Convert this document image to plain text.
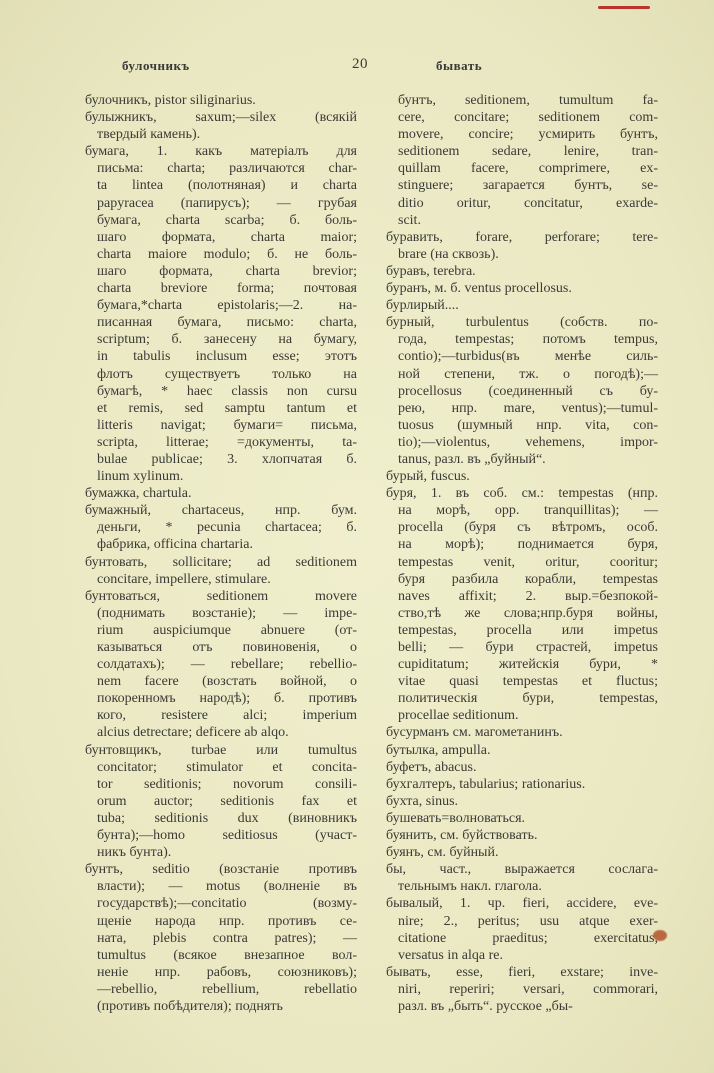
булочникъ	20	бывать
булочникъ, pistor siliginarius.
булыжникъ, saxum;—silex (всякій
твердый камень).
бумага, 1. какъ матеріалъ для
письма: charta; различаются char-
ta lintea (полотняная) и charta
papyracea (папирусъ); — грубая
бумага, charta scarba; б. боль-
шаго формата, charta maior;
charta maiore modulo; б. не боль-
шаго формата, charta brevior;
charta breviore forma; почтовая
бумага,*charta epistolaris;—2. на-
писанная бумага, письмо: charta,
scriptum; б. занесену на бумагу,
in tabulis inclusum esse; этотъ
флотъ существуетъ только на
бумагѣ, * haec classis non cursu
et remis, sed samptu tantum et
litteris navigat; бумаги= письма,
scripta, litterae; =документы, ta-
bulae publicae; 3. хлопчатая б.
linum xylinum.
бумажка, chartula.
бумажный, chartaceus, нпр. бум.
деньги, * pecunia chartacea; б.
фабрика, officina chartaria.
бунтовать, sollicitare; ad seditionem
concitare, impellere, stimulare.
бунтоваться, seditionem movere
(поднимать возстаніе); — impe-
rium auspiciumque abnuere (от-
казываться отъ повиновенія, о
солдатахъ); — rebellare; rebellio-
nem facere (возстать войной, о
покоренномъ народѣ); б. противъ
кого, resistere alci; imperium
alcius detrectare; deficere ab alqo.
бунтовщикъ, turbae или tumultus
concitator; stimulator et concita-
tor seditionis; novorum consili-
orum auctor; seditionis fax et
tuba; seditionis dux (виновникъ
бунта);—homo seditiosus (участ-
никъ бунта).
бунтъ, seditio (возстаніе противъ
власти); — motus (волненіе въ
государствѣ);—concitatio (возму-
щеніе народа нпр. противъ се-
ната, plebis contra patres); —
tumultus (всякое внезапное вол-
неніе нпр. рабовъ, союзниковъ);
—rebellio, rebellium, rebellatio
(противъ побѣдителя); поднять
бунтъ, seditionem, tumultum fa-
cere, concitare; seditionem com-
movere, concire; усмирить бунтъ,
seditionem sedare, lenire, tran-
quillam facere, comprimere, ex-
stinguere; загарается бунтъ, se-
ditio oritur, concitatur, exarde-
scit.
буравить, forare, perforare; tere-
brare (на сквозь).
буравъ, terebra.
буранъ, м. б. ventus procellosus.
бурлирый....
бурный, turbulentus (собств. по-
года, tempestas; потомъ tempus,
contio);—turbidus(въ менѣе силь-
ной степени, тж. о погодѣ);—
procellosus (соединенный съ бу-
рею, нпр. mare, ventus);—tumul-
tuosus (шумный нпр. vita, con-
tio);—violentus, vehemens, impor-
tanus, разл. въ „буйный“.
бурый, fuscus.
буря, 1. въ соб. см.: tempestas (нпр.
на морѣ, opp. tranquillitas); —
procella (буря съ вѣтромъ, особ.
на морѣ); поднимается буря,
tempestas venit, oritur, cooritur;
буря разбила корабли, tempestas
naves affixit; 2. выр.=безпокой-
ство,тѣ же слова;нпр.буря войны,
tempestas, procella или impetus
belli; — бури страстей, impetus
cupiditatum; житейскія бури, *
vitae quasi tempestas et fluctus;
политическія бури, tempestas,
procellae seditionum.
бусурманъ см. магометанинъ.
бутылка, ampulla.
буфетъ, abacus.
бухгалтеръ, tabularius; rationarius.
бухта, sinus.
бушевать=волноваться.
буянить, см. буйствовать.
буянъ, см. буйный.
бы, част., выражается сослага-
тельнымъ накл. глагола.
бывалый, 1. чр. fieri, accidere, eve-
nire; 2., peritus; usu atque exer-
citatione praeditus; exercitatus,
versatus in alqa re.
бывать, esse, fieri, exstare; inve-
niri, reperiri; versari, commorari,
разл. въ „быть“. русское „бы-
